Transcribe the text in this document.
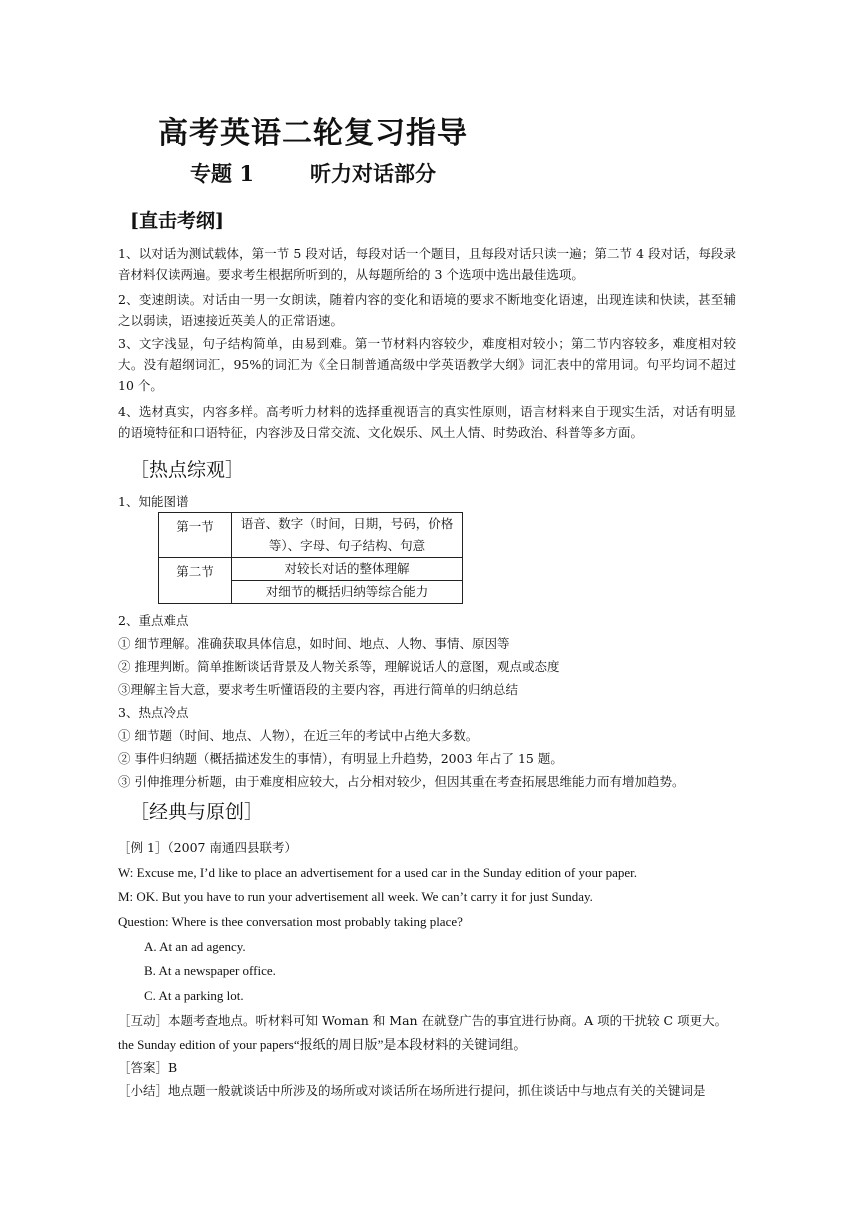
高考英语二轮复习指导
专题 1	听力对话部分
[直击考纲]
1、以对话为测试载体，第一节 5 段对话，每段对话一个题目，且每段对话只读一遍；第二节 4 段对话，每段录音材料仅读两遍。要求考生根据所听到的，从每题所给的 3 个选项中选出最佳选项。
2、变速朗读。对话由一男一女朗读，随着内容的变化和语境的要求不断地变化语速，出现连读和快读，甚至辅之以弱读，语速接近英美人的正常语速。
3、文字浅显，句子结构简单，由易到难。第一节材料内容较少，难度相对较小；第二节内容较多，难度相对较大。没有超纲词汇，95%的词汇为《全日制普通高级中学英语教学大纲》词汇表中的常用词。句平均词不超过 10 个。
4、选材真实，内容多样。高考听力材料的选择重视语言的真实性原则，语言材料来自于现实生活，对话有明显的语境特征和口语特征，内容涉及日常交流、文化娱乐、风土人情、时势政治、科普等多方面。
［热点综观］
1、知能图谱
第一节	语音、数字（时间，日期，号码，价格
等）、字母、句子结构、句意

第二节	对较长对话的整体理解

	对细节的概括归纳等综合能力
2、重点难点
① 细节理解。准确获取具体信息，如时间、地点、人物、事情、原因等
② 推理判断。简单推断谈话背景及人物关系等，理解说话人的意图，观点或态度
③理解主旨大意，要求考生听懂语段的主要内容，再进行简单的归纳总结
3、热点冷点
① 细节题（时间、地点、人物），在近三年的考试中占绝大多数。
② 事件归纳题（概括描述发生的事情），有明显上升趋势，2003 年占了 15 题。
③ 引伸推理分析题，由于难度相应较大，占分相对较少，但因其重在考查拓展思维能力而有增加趋势。
［经典与原创］
［例 1］（2007 南通四县联考）
W: Excuse me, I’d like to place an advertisement for a used car in the Sunday edition of your paper.
M: OK. But you have to run your advertisement all week. We can’t carry it for just Sunday.
Question: Where is thee conversation most probably taking place?
A. At an ad agency.
B. At a newspaper office.
C. At a parking lot.
［互动］本题考查地点。听材料可知 Woman 和 Man 在就登广告的事宜进行协商。A 项的干扰较 C 项更大。
the Sunday edition of your papers“报纸的周日版”是本段材料的关键词组。
［答案］B
［小结］地点题一般就谈话中所涉及的场所或对谈话所在场所进行提问，抓住谈话中与地点有关的关键词是
